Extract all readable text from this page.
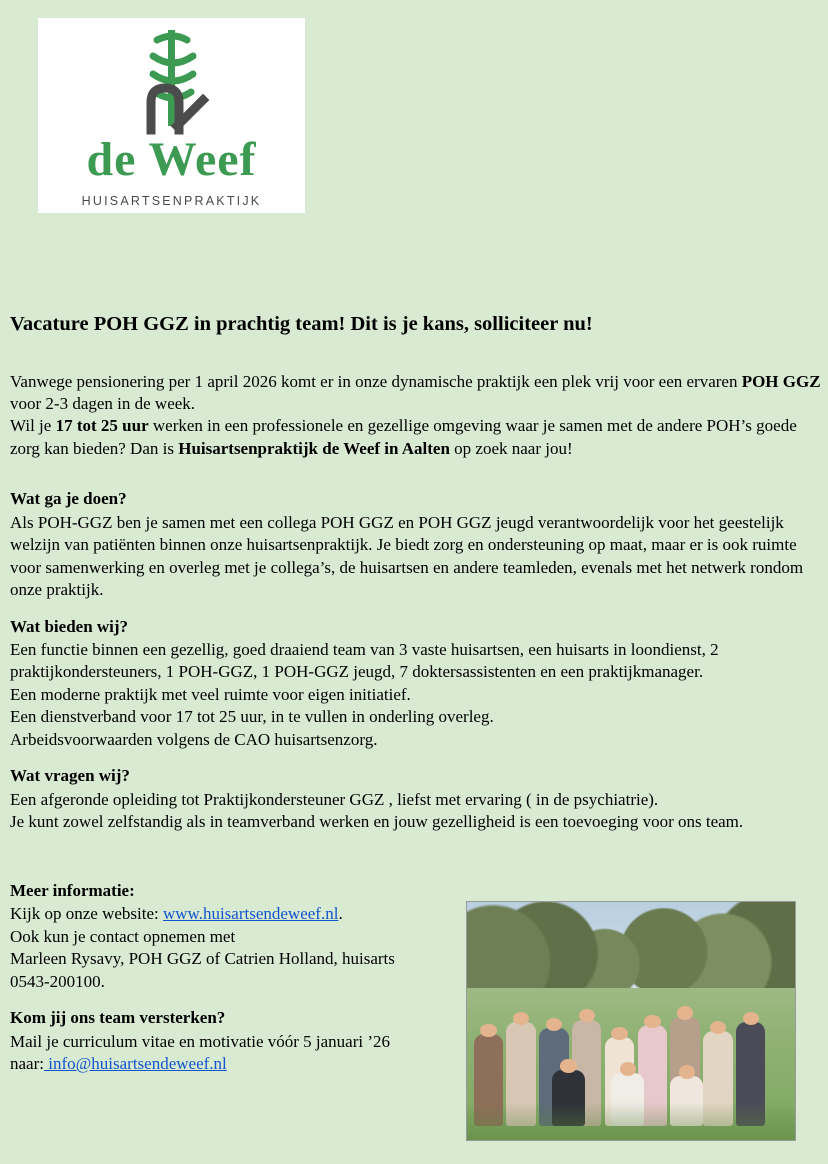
de Weef
HUISARTSENPRAKTIJK
Vacature POH GGZ in prachtig team! Dit is je kans, solliciteer nu!

Vanwege pensionering per 1 april 2026 komt er in onze dynamische praktijk een plek vrij voor een ervaren POH GGZ voor 2-3 dagen in de week.
Wil je 17 tot 25 uur werken in een professionele en gezellige omgeving waar je samen met de andere POH’s goede zorg kan bieden? Dan is Huisartsenpraktijk de Weef in Aalten op zoek naar jou!

Wat ga je doen?

Als POH-GGZ ben je samen met een collega POH GGZ en POH GGZ jeugd verantwoordelijk voor het geestelijk welzijn van patiënten binnen onze huisartsenpraktijk. Je biedt zorg en ondersteuning op maat, maar er is ook ruimte voor samenwerking en overleg met je collega’s, de huisartsen en andere teamleden, evenals met het netwerk rondom onze praktijk.

Wat bieden wij?

Een functie binnen een gezellig, goed draaiend team van 3 vaste huisartsen, een huisarts in loondienst, 2 praktijkondersteuners, 1 POH-GGZ, 1 POH-GGZ jeugd, 7 doktersassistenten en een praktijkmanager.
Een moderne praktijk met veel ruimte voor eigen initiatief.
Een dienstverband voor 17 tot 25 uur, in te vullen in onderling overleg.
Arbeidsvoorwaarden volgens de CAO huisartsenzorg.

Wat vragen wij?

Een afgeronde opleiding tot Praktijkondersteuner GGZ , liefst met ervaring ( in de psychiatrie).
Je kunt zowel zelfstandig als in teamverband werken en jouw gezelligheid is een toevoeging voor ons team.

Meer informatie:

Kijk op onze website: www.huisartsendeweef.nl.
Ook kun je contact opnemen met
Marleen Rysavy, POH GGZ of Catrien Holland, huisarts
0543-200100.

Kom jij ons team versterken?

Mail je curriculum vitae en motivatie vóór 5 januari ’26
naar: info@huisartsendeweef.nl
